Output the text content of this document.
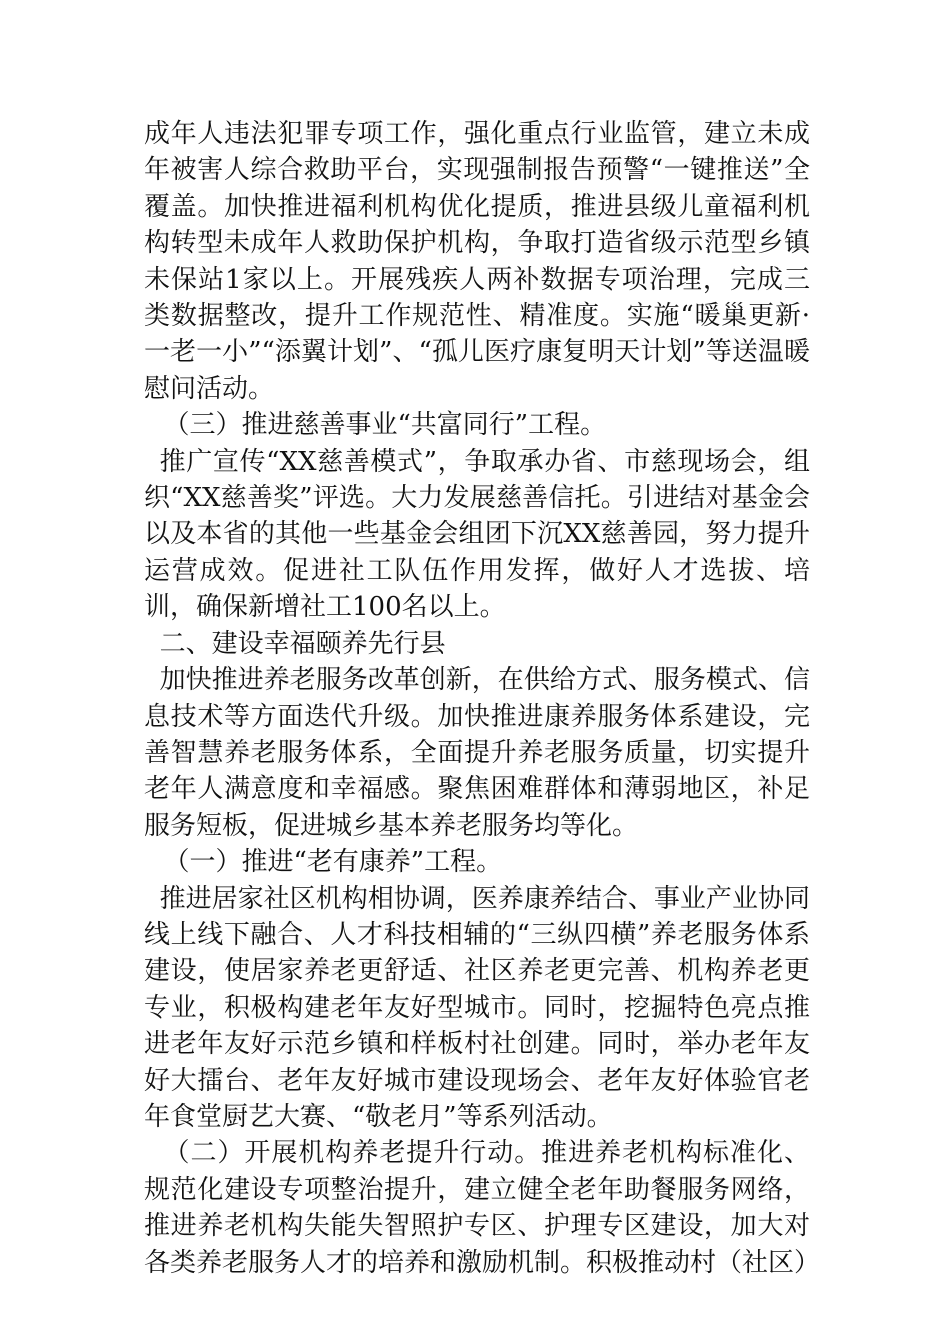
成年人违法犯罪专项工作，强化重点行业监管，建立未成年被害人综合救助平台，实现强制报告预警“一键推送”全覆盖。加快推进福利机构优化提质，推进县级儿童福利机构转型未成年人救助保护机构，争取打造省级示范型乡镇未保站1家以上。开展残疾人两补数据专项治理，完成三类数据整改，提升工作规范性、精准度。实施“暖巢更新·一老一小”“添翼计划”、“孤儿医疗康复明天计划”等送温暖慰问活动。

（三）推进慈善事业“共富同行”工程。

推广宣传“XX慈善模式”，争取承办省、市慈现场会，组织“XX慈善奖”评选。大力发展慈善信托。引进结对基金会以及本省的其他一些基金会组团下沉XX慈善园，努力提升运营成效。促进社工队伍作用发挥，做好人才选拔、培训，确保新增社工100名以上。

二、建设幸福颐养先行县

加快推进养老服务改革创新，在供给方式、服务模式、信息技术等方面迭代升级。加快推进康养服务体系建设，完善智慧养老服务体系，全面提升养老服务质量，切实提升老年人满意度和幸福感。聚焦困难群体和薄弱地区，补足服务短板，促进城乡基本养老服务均等化。

（一）推进“老有康养”工程。

推进居家社区机构相协调，医养康养结合、事业产业协同线上线下融合、人才科技相辅的“三纵四横”养老服务体系建设，使居家养老更舒适、社区养老更完善、机构养老更专业，积极构建老年友好型城市。同时，挖掘特色亮点推进老年友好示范乡镇和样板村社创建。同时，举办老年友好大擂台、老年友好城市建设现场会、老年友好体验官老年食堂厨艺大赛、“敬老月”等系列活动。

（二）开展机构养老提升行动。推进养老机构标准化、规范化建设专项整治提升，建立健全老年助餐服务网络，推进养老机构失能失智照护专区、护理专区建设，加大对各类养老服务人才的培养和激励机制。积极推动村（社区）
